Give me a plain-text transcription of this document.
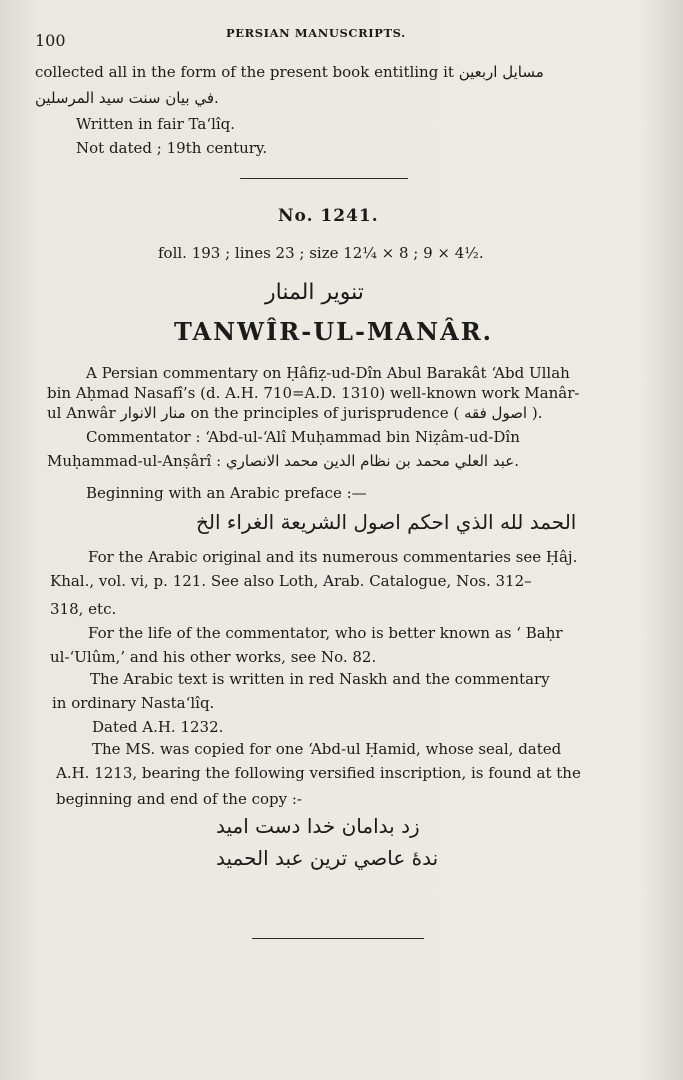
100	PERSIAN MANUSCRIPTS.
collected all in the form of the present book entitling it مسايل اربعين
في بيان سنت سيد المرسلين.
Written in fair Ta‘lîq.
Not dated ; 19th century.
No. 1241.
foll. 193 ; lines 23 ; size 12¼ × 8 ; 9 × 4½.
تنوير المنار
TANWÎR-UL-MANÂR.
A Persian commentary on Ḥâfiẓ-ud-Dîn Abul Barakât ‘Abd Ullah
bin Aḥmad Nasafî’s (d. A.H. 710=A.D. 1310) well-known work Manâr-
ul Anwâr منار الانوار on the principles of jurisprudence ( اصول فقه ).
Commentator : ‘Abd-ul-‘Alî Muḥammad bin Niẓâm-ud-Dîn
Muḥammad-ul-Anṣârî : عبد العلي محمد بن نظام الدين محمد الانصاري.
Beginning with an Arabic preface :—
الحمد لله الذي احكم اصول الشريعة الغراء الخ
For the Arabic original and its numerous commentaries see Ḥâj.
Khal., vol. vi, p. 121. See also Loth, Arab. Catalogue, Nos. 312–
318, etc.
For the life of the commentator, who is better known as ‘ Baḥr
ul-‘Ulûm,’ and his other works, see No. 82.
The Arabic text is written in red Naskh and the commentary
in ordinary Nasta‘lîq.
Dated A.H. 1232.
The MS. was copied for one ‘Abd-ul Ḥamid, whose seal, dated
A.H. 1213, bearing the following versified inscription, is found at the
beginning and end of the copy :-
زد بدامان خدا دست امید
ندهٔ عاصي ترين عبد الحميد
